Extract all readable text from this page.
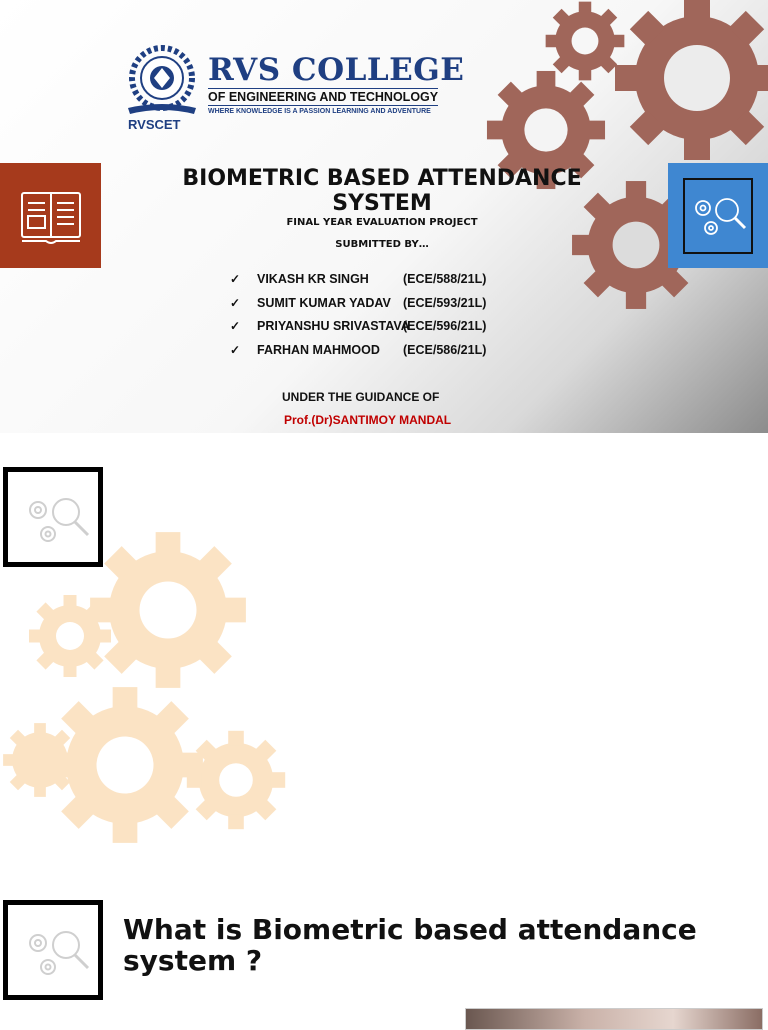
RVSCET
RVS COLLEGE
OF ENGINEERING AND TECHNOLOGY
WHERE KNOWLEDGE IS A PASSION LEARNING AND ADVENTURE
BIOMETRIC BASED ATTENDANCE SYSTEM
FINAL YEAR EVALUATION PROJECT
SUBMITTED BY…
✓ VIKASH KR SINGH	(ECE/588/21L)
✓ SUMIT KUMAR YADAV (ECE/593/21L)
✓ PRIYANSHU SRIVASTAVA(ECE/596/21L)
✓ FARHAN MAHMOOD (ECE/586/21L)
UNDER THE GUIDANCE OF
Prof.(Dr)SANTIMOY MANDAL
What is Biometric based attendance system ?
